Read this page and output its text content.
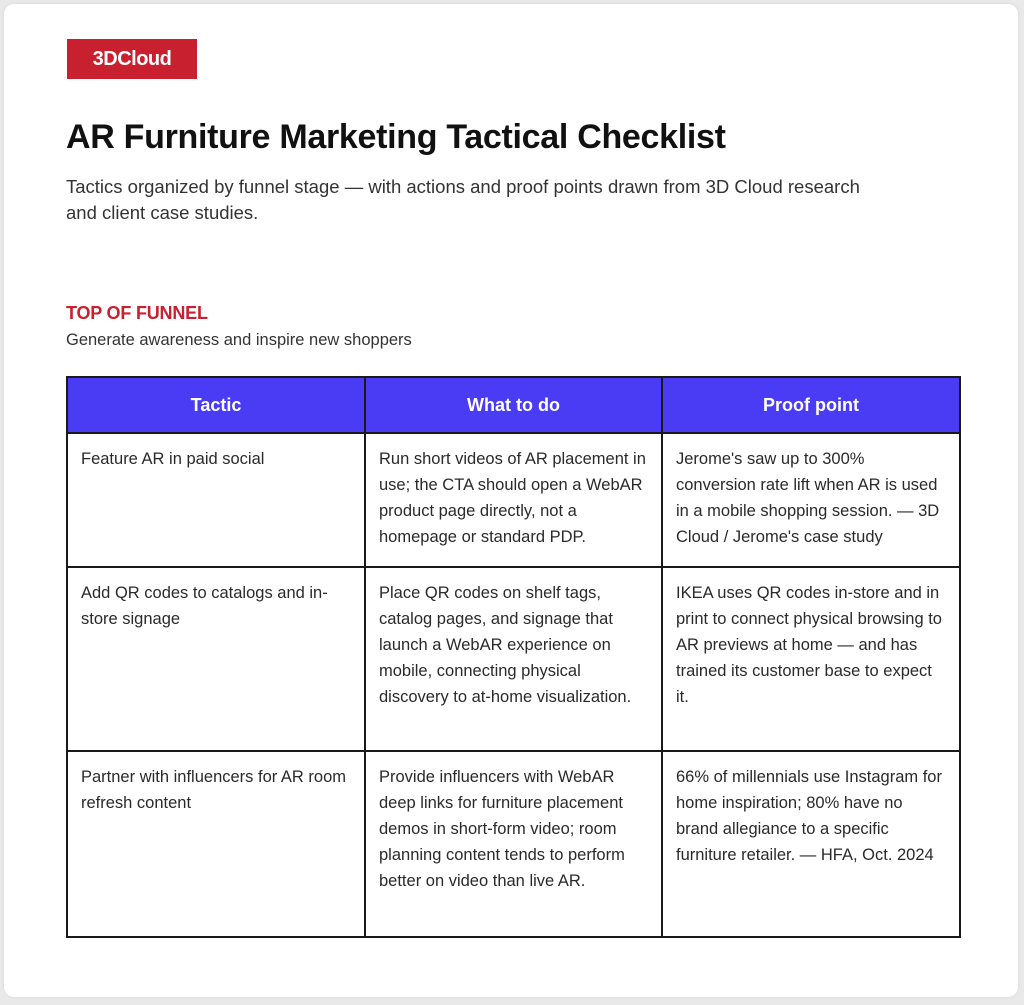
3DCloud
AR Furniture Marketing Tactical Checklist

Tactics organized by funnel stage — with actions and proof points drawn from 3D Cloud research and client case studies.

TOP OF FUNNEL

Generate awareness and inspire new shoppers

Tactic	What to do	Proof point
Feature AR in paid social	Run short videos of AR placement in use; the CTA should open a WebAR product page directly, not a homepage or standard PDP.	Jerome's saw up to 300% conversion rate lift when AR is used in a mobile shopping session. — 3D Cloud / Jerome's case study
Add QR codes to catalogs and in-store signage	Place QR codes on shelf tags, catalog pages, and signage that launch a WebAR experience on mobile, connecting physical discovery to at-home visualization.	IKEA uses QR codes in-store and in print to connect physical browsing to AR previews at home — and has trained its customer base to expect it.
Partner with influencers for AR room refresh content	Provide influencers with WebAR deep links for furniture placement demos in short-form video; room planning content tends to perform better on video than live AR.	66% of millennials use Instagram for home inspiration; 80% have no brand allegiance to a specific furniture retailer. — HFA, Oct. 2024
